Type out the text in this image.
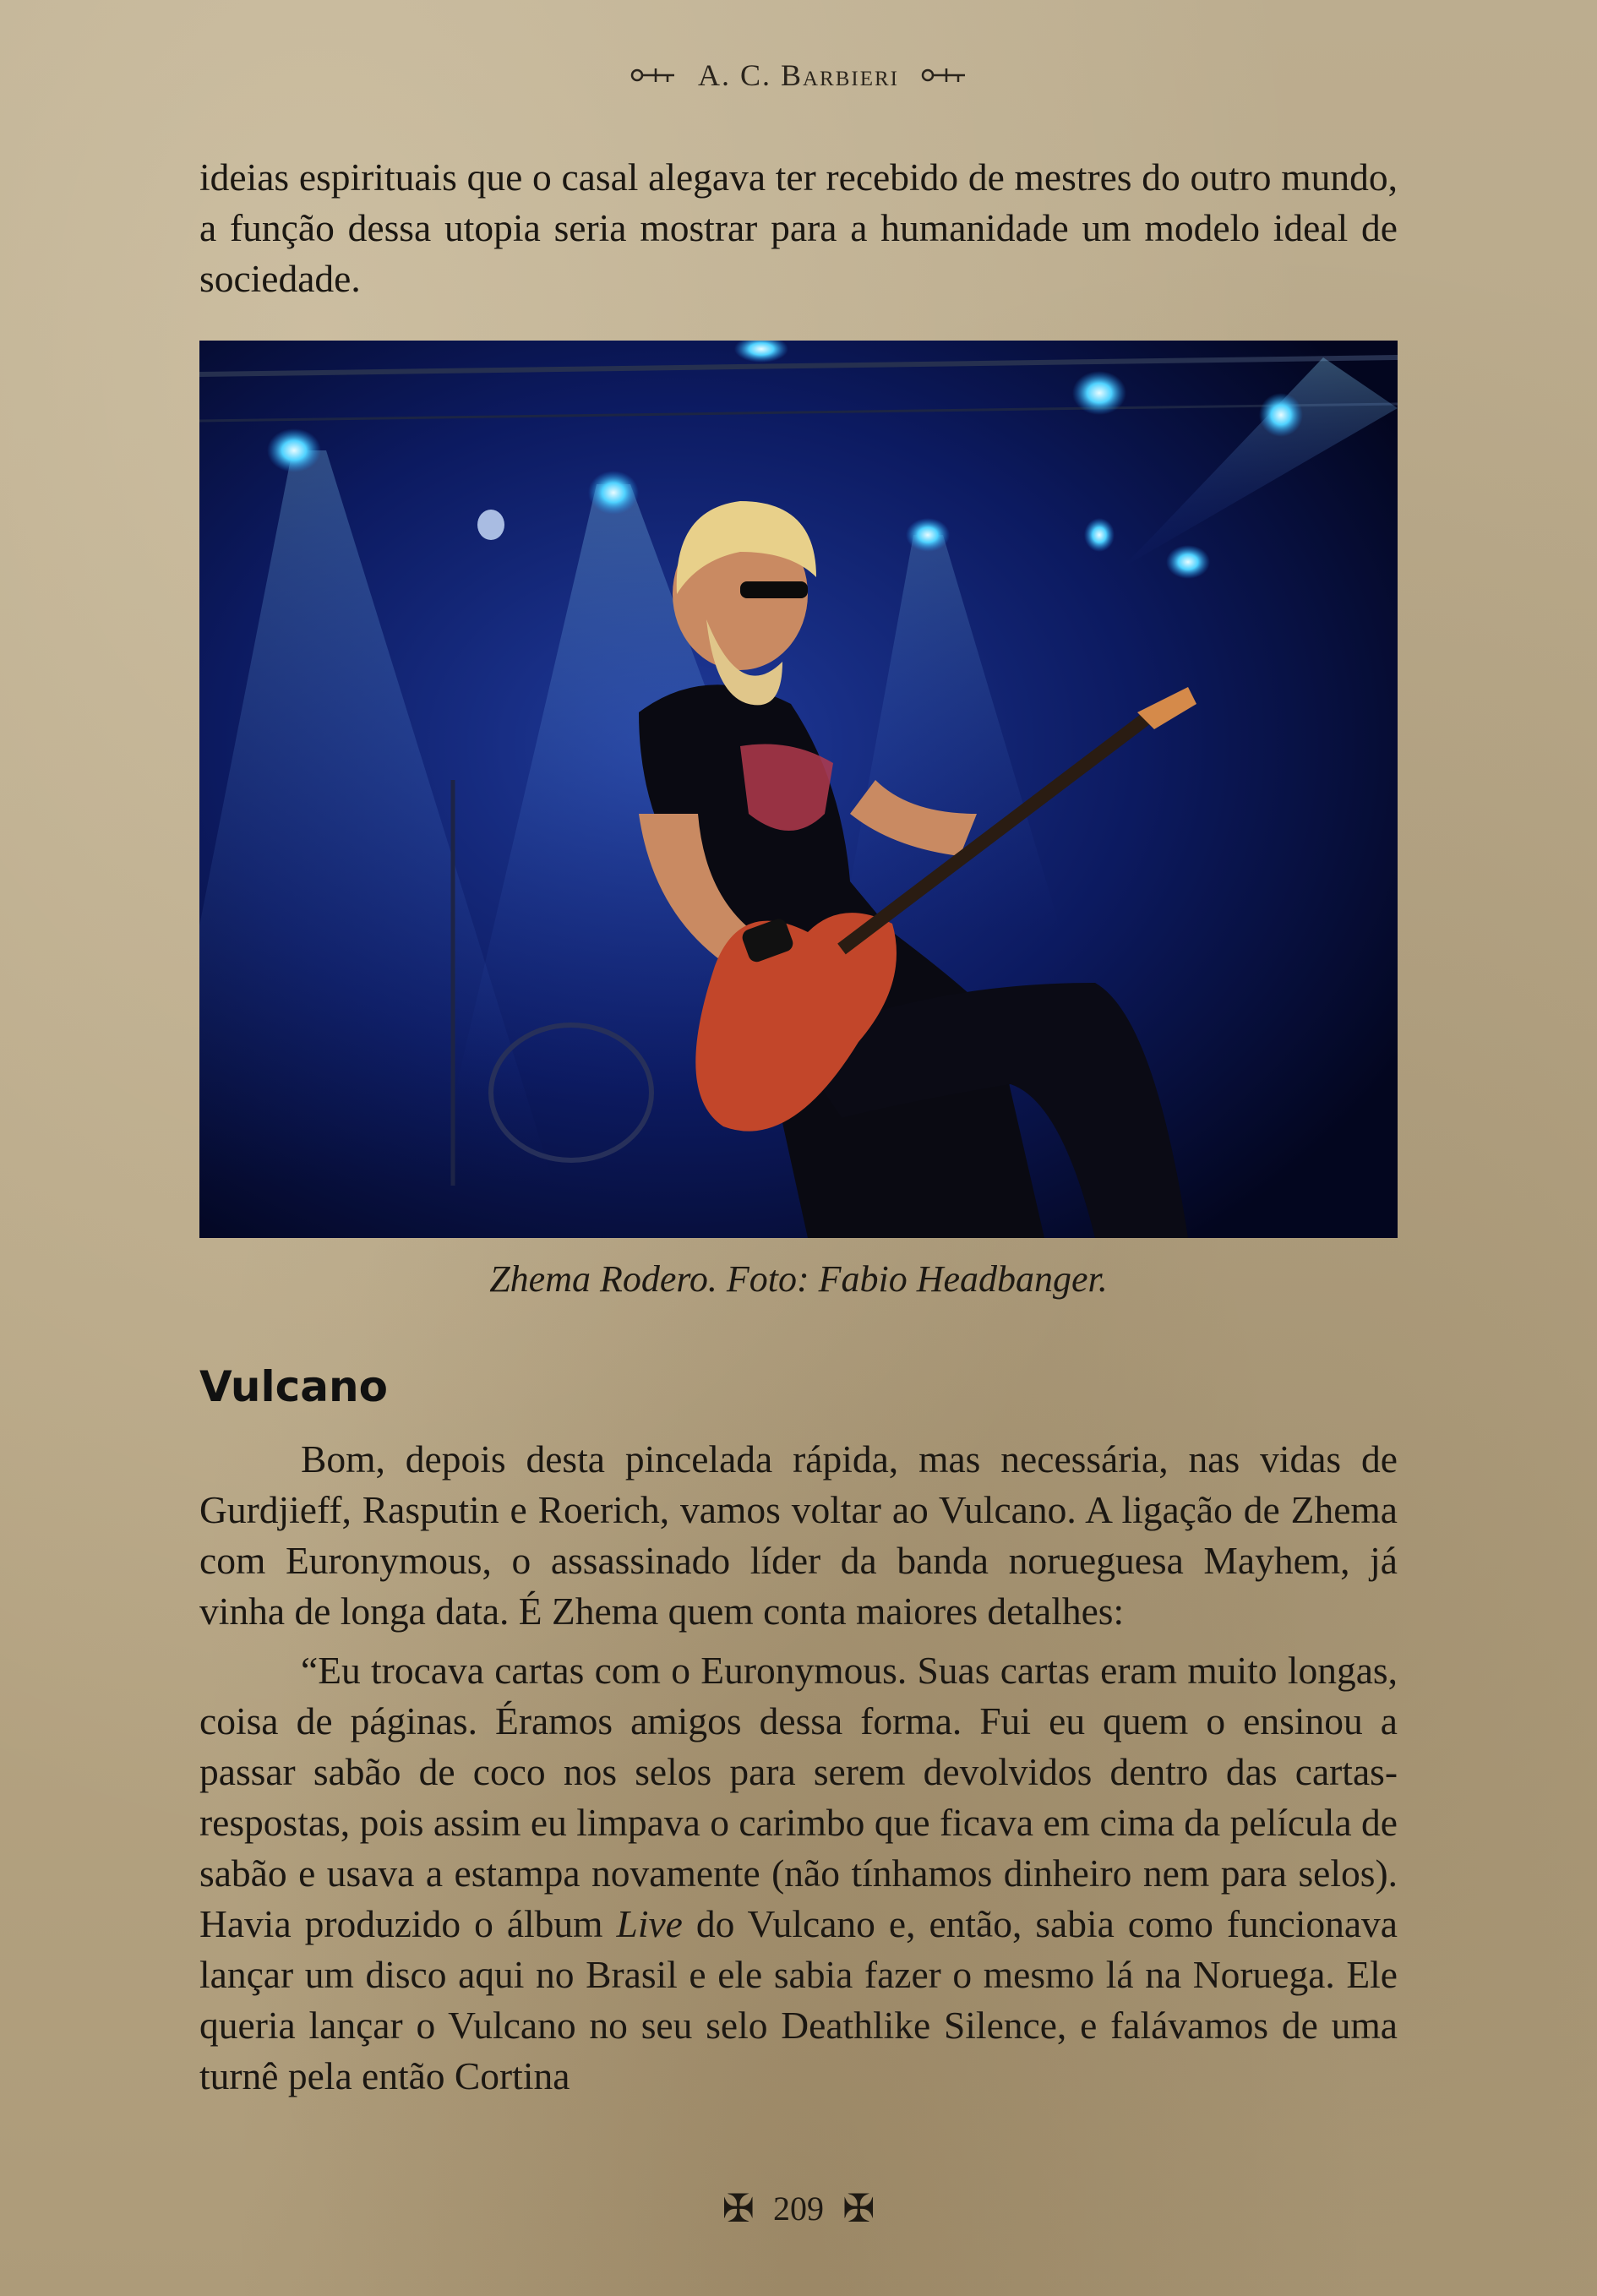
A. C. Barbieri

ideias espirituais que o casal alegava ter recebido de mestres do outro mundo, a função dessa utopia seria mostrar para a humanidade um modelo ideal de sociedade.

Zhema Rodero. Foto: Fabio Headbanger.
Vulcano

Bom, depois desta pincelada rápida, mas necessária, nas vidas de Gurdjieff, Rasputin e Roerich, vamos voltar ao Vulcano. A ligação de Zhema com Euronymous, o assassinado líder da banda norueguesa Mayhem, já vinha de longa data. É Zhema quem conta maiores detalhes:

“Eu trocava cartas com o Euronymous. Suas cartas eram muito longas, coisa de páginas. Éramos amigos dessa forma. Fui eu quem o ensinou a passar sabão de coco nos selos para serem devolvidos dentro das cartas-respostas, pois assim eu limpava o carimbo que ficava em cima da película de sabão e usava a estampa novamente (não tínhamos dinheiro nem para selos). Havia produzido o álbum Live do Vulcano e, então, sabia como funcionava lançar um disco aqui no Brasil e ele sabia fazer o mesmo lá na Noruega. Ele queria lançar o Vulcano no seu selo Deathlike Silence, e falávamos de uma turnê pela então Cortina

✠ 209 ✠
